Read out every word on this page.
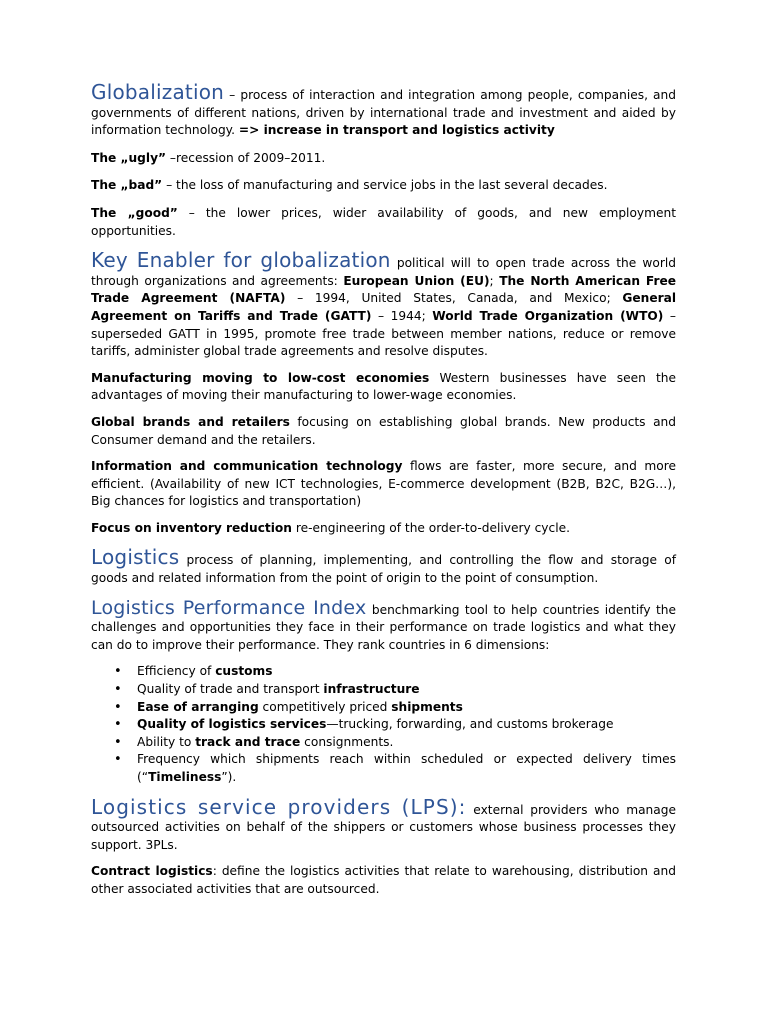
Globalization – process of interaction and integration among people, companies, and governments of different nations, driven by international trade and investment and aided by information technology. => increase in transport and logistics activity

The „ugly” –recession of 2009–2011.

The „bad” – the loss of manufacturing and service jobs in the last several decades.

The „good” – the lower prices, wider availability of goods, and new employment opportunities.

Key Enabler for globalization political will to open trade across the world through organizations and agreements: European Union (EU); The North American Free Trade Agreement (NAFTA) – 1994, United States, Canada, and Mexico; General Agreement on Tariffs and Trade (GATT) – 1944; World Trade Organization (WTO) – superseded GATT in 1995, promote free trade between member nations, reduce or remove tariffs, administer global trade agreements and resolve disputes.

Manufacturing moving to low-cost economies Western businesses have seen the advantages of moving their manufacturing to lower-wage economies.

Global brands and retailers focusing on establishing global brands. New products and Consumer demand and the retailers.

Information and communication technology flows are faster, more secure, and more efficient. (Availability of new ICT technologies, E-commerce development (B2B, B2C, B2G…), Big chances for logistics and transportation)

Focus on inventory reduction re-engineering of the order-to-delivery cycle.

Logistics process of planning, implementing, and controlling the flow and storage of goods and related information from the point of origin to the point of consumption.

Logistics Performance Index benchmarking tool to help countries identify the challenges and opportunities they face in their performance on trade logistics and what they can do to improve their performance. They rank countries in 6 dimensions:

• Efficiency of customs
• Quality of trade and transport infrastructure
• Ease of arranging competitively priced shipments
• Quality of logistics services—trucking, forwarding, and customs brokerage
• Ability to track and trace consignments.
• Frequency which shipments reach within scheduled or expected delivery times (“Timeliness”).

Logistics service providers (LPS): external providers who manage outsourced activities on behalf of the shippers or customers whose business processes they support. 3PLs.

Contract logistics: define the logistics activities that relate to warehousing, distribution and other associated activities that are outsourced.
